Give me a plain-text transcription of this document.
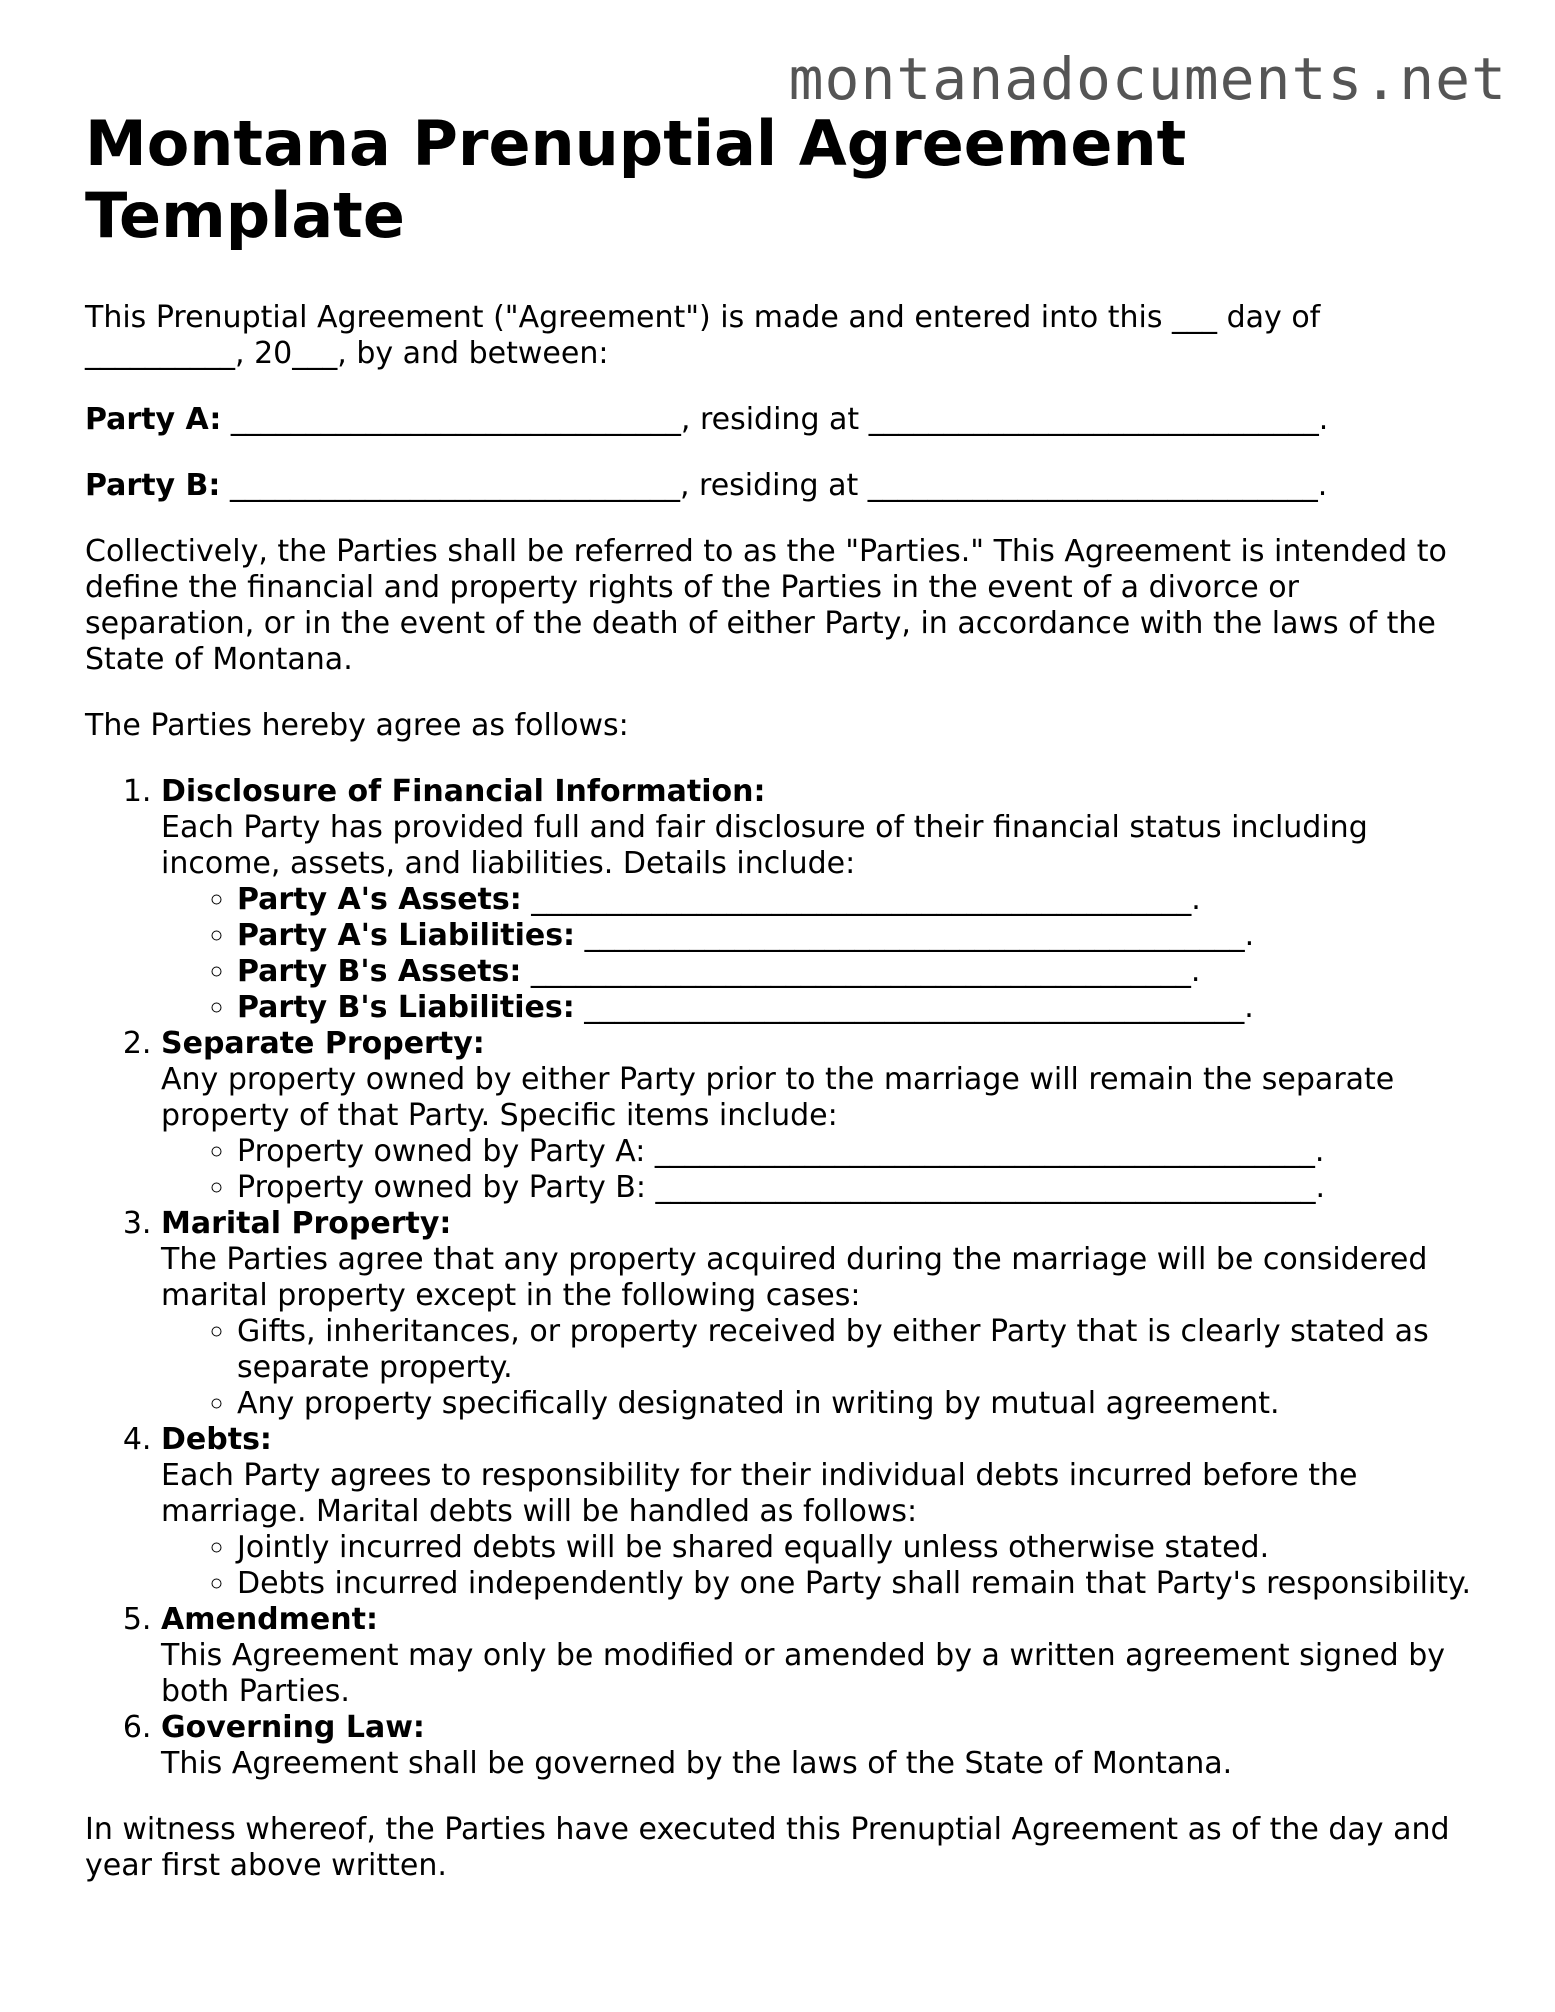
montanadocuments.net
Montana Prenuptial Agreement Template

This Prenuptial Agreement ("Agreement") is made and entered into this ___ day of __________, 20___, by and between:

Party A: ______________________________, residing at ______________________________.

Party B: ______________________________, residing at ______________________________.

Collectively, the Parties shall be referred to as the "Parties." This Agreement is intended to define the financial and property rights of the Parties in the event of a divorce or separation, or in the event of the death of either Party, in accordance with the laws of the State of Montana.

The Parties hereby agree as follows:

1. Disclosure of Financial Information:
Each Party has provided full and fair disclosure of their financial status including income, assets, and liabilities. Details include:
◦ Party A's Assets: ____________________________________________.
◦ Party A's Liabilities: ____________________________________________.
◦ Party B's Assets: ____________________________________________.
◦ Party B's Liabilities: ____________________________________________.
2. Separate Property:
Any property owned by either Party prior to the marriage will remain the separate property of that Party. Specific items include:
◦ Property owned by Party A: ____________________________________________.
◦ Property owned by Party B: ____________________________________________.
3. Marital Property:
The Parties agree that any property acquired during the marriage will be considered marital property except in the following cases:
◦ Gifts, inheritances, or property received by either Party that is clearly stated as separate property.
◦ Any property specifically designated in writing by mutual agreement.
4. Debts:
Each Party agrees to responsibility for their individual debts incurred before the marriage. Marital debts will be handled as follows:
◦ Jointly incurred debts will be shared equally unless otherwise stated.
◦ Debts incurred independently by one Party shall remain that Party's responsibility.
5. Amendment:
This Agreement may only be modified or amended by a written agreement signed by both Parties.
6. Governing Law:
This Agreement shall be governed by the laws of the State of Montana.

In witness whereof, the Parties have executed this Prenuptial Agreement as of the day and year first above written.
